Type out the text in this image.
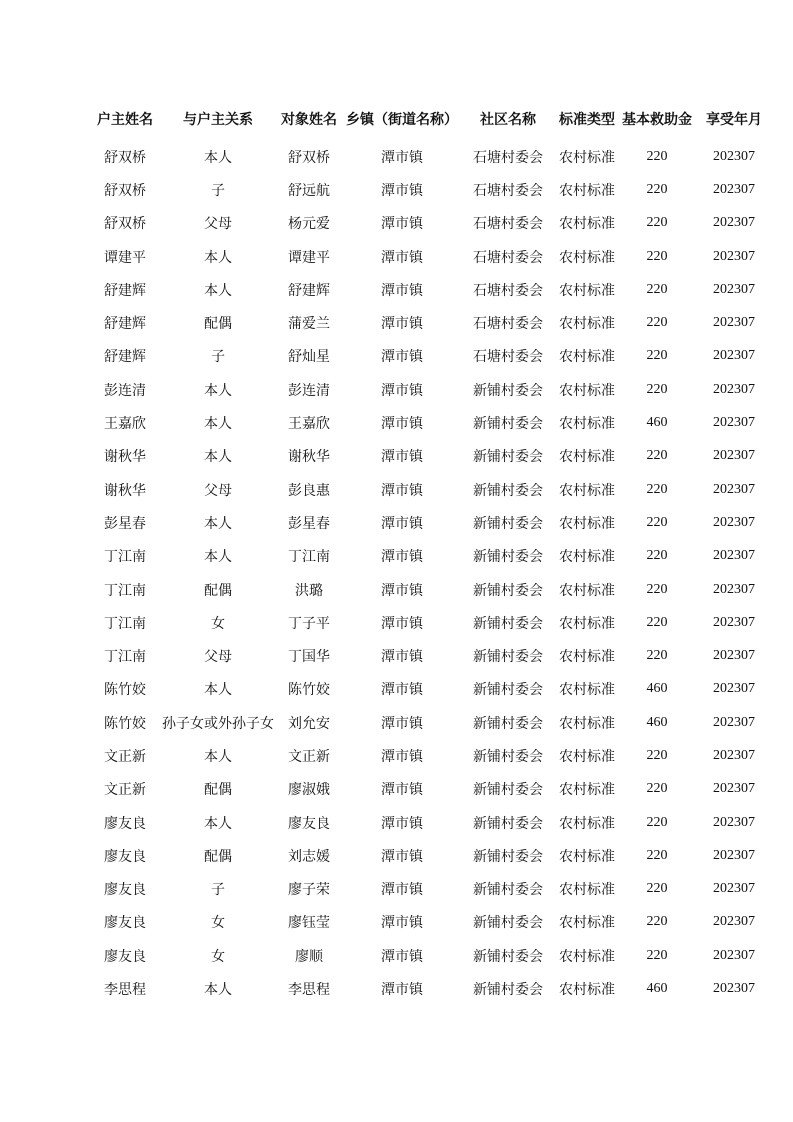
户主姓名	与户主关系	对象姓名	乡镇（街道名称）	社区名称	标准类型	基本救助金	享受年月
舒双桥	本人	舒双桥	潭市镇	石塘村委会	农村标准	220	202307
舒双桥	子	舒远航	潭市镇	石塘村委会	农村标准	220	202307
舒双桥	父母	杨元爱	潭市镇	石塘村委会	农村标准	220	202307
谭建平	本人	谭建平	潭市镇	石塘村委会	农村标准	220	202307
舒建辉	本人	舒建辉	潭市镇	石塘村委会	农村标准	220	202307
舒建辉	配偶	蒲爱兰	潭市镇	石塘村委会	农村标准	220	202307
舒建辉	子	舒灿星	潭市镇	石塘村委会	农村标准	220	202307
彭连清	本人	彭连清	潭市镇	新铺村委会	农村标准	220	202307
王嘉欣	本人	王嘉欣	潭市镇	新铺村委会	农村标准	460	202307
谢秋华	本人	谢秋华	潭市镇	新铺村委会	农村标准	220	202307
谢秋华	父母	彭良惠	潭市镇	新铺村委会	农村标准	220	202307
彭星春	本人	彭星春	潭市镇	新铺村委会	农村标准	220	202307
丁江南	本人	丁江南	潭市镇	新铺村委会	农村标准	220	202307
丁江南	配偶	洪璐	潭市镇	新铺村委会	农村标准	220	202307
丁江南	女	丁子平	潭市镇	新铺村委会	农村标准	220	202307
丁江南	父母	丁国华	潭市镇	新铺村委会	农村标准	220	202307
陈竹姣	本人	陈竹姣	潭市镇	新铺村委会	农村标准	460	202307
陈竹姣	孙子女或外孙子女	刘允安	潭市镇	新铺村委会	农村标准	460	202307
文正新	本人	文正新	潭市镇	新铺村委会	农村标准	220	202307
文正新	配偶	廖淑娥	潭市镇	新铺村委会	农村标准	220	202307
廖友良	本人	廖友良	潭市镇	新铺村委会	农村标准	220	202307
廖友良	配偶	刘志媛	潭市镇	新铺村委会	农村标准	220	202307
廖友良	子	廖子荣	潭市镇	新铺村委会	农村标准	220	202307
廖友良	女	廖钰莹	潭市镇	新铺村委会	农村标准	220	202307
廖友良	女	廖顺	潭市镇	新铺村委会	农村标准	220	202307
李思程	本人	李思程	潭市镇	新铺村委会	农村标准	460	202307
